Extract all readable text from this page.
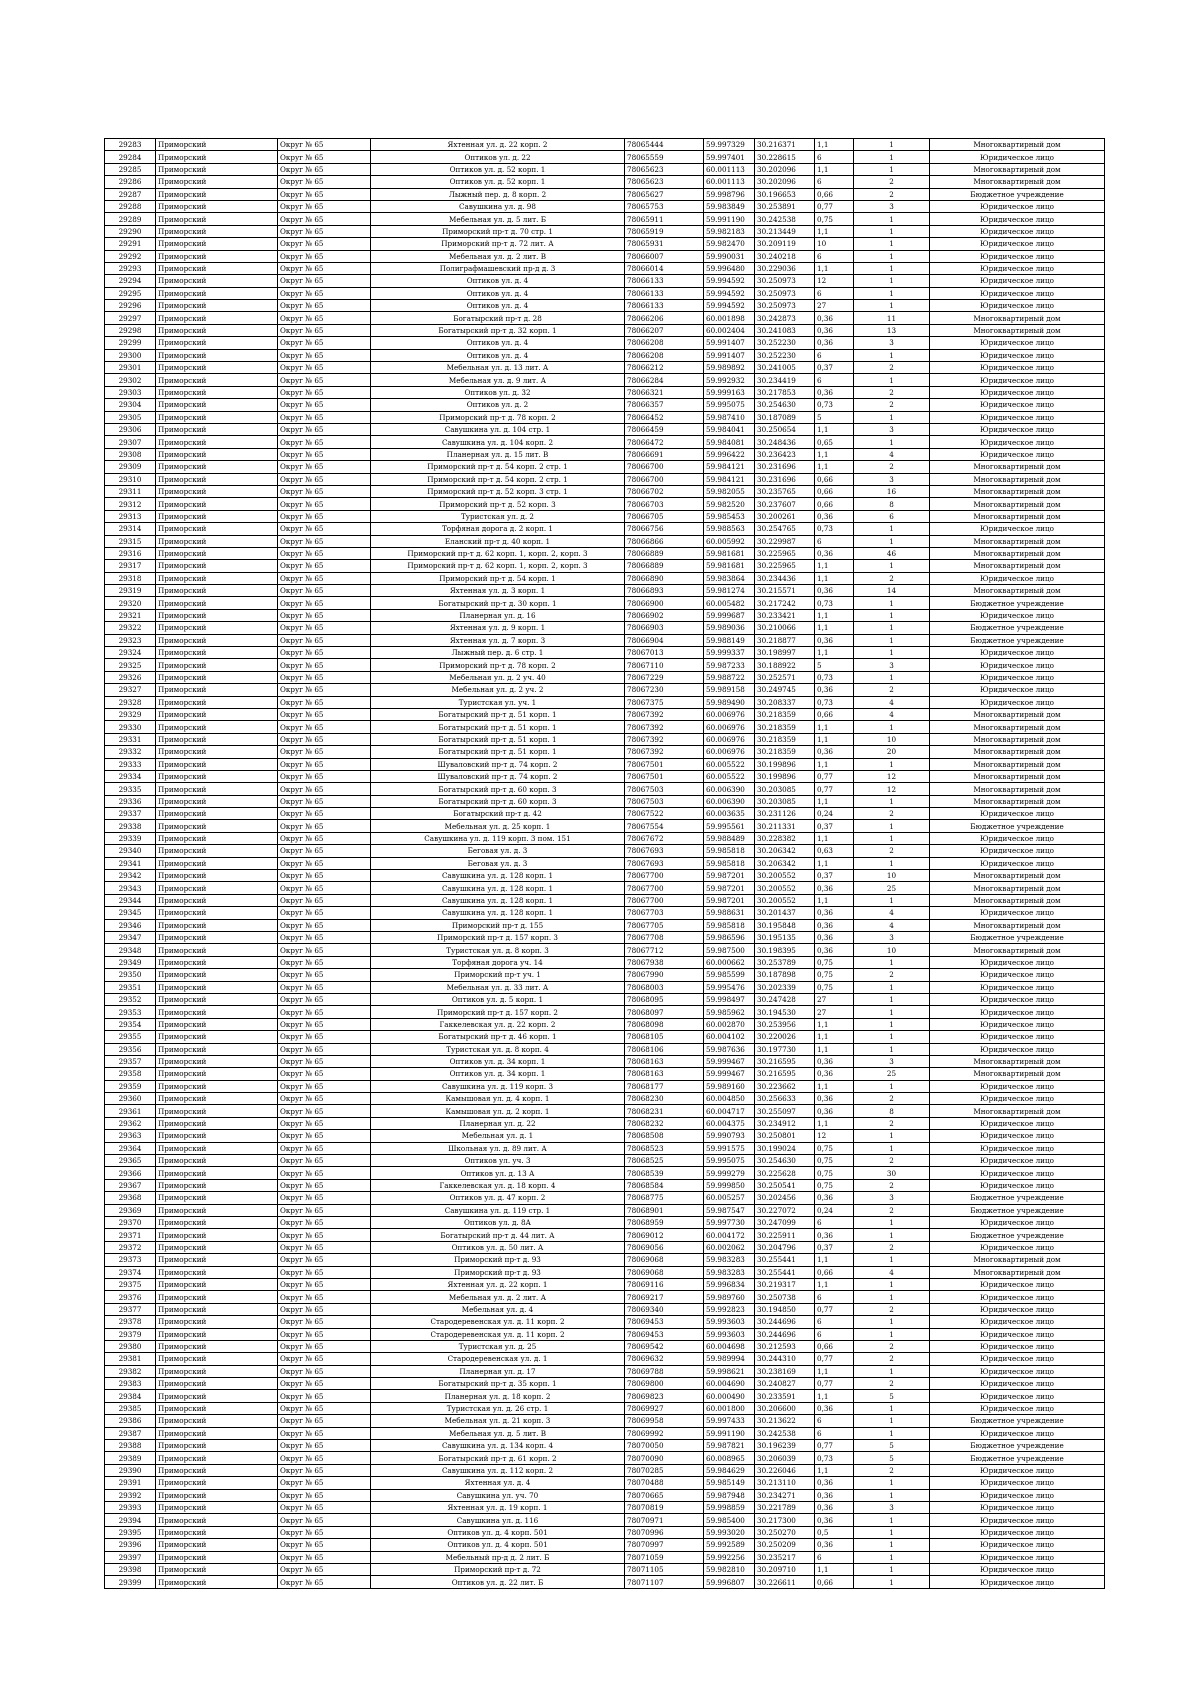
29283	Приморский	Округ № 65	Яхтенная ул. д. 22 корп. 2	78065444	59.997329	30.216371	1,1	1	Многоквартирный дом
29284	Приморский	Округ № 65	Оптиков ул. д. 22	78065559	59.997401	30.228615	6	1	Юридическое лицо
29285	Приморский	Округ № 65	Оптиков ул. д. 52 корп. 1	78065623	60.001113	30.202096	1,1	1	Многоквартирный дом
29286	Приморский	Округ № 65	Оптиков ул. д. 52 корп. 1	78065623	60.001113	30.202096	6	2	Многоквартирный дом
29287	Приморский	Округ № 65	Лыжный пер. д. 8 корп. 2	78065627	59.998796	30.196653	0,66	2	Бюджетное учреждение
29288	Приморский	Округ № 65	Савушкина ул. д. 98	78065753	59.983849	30.253891	0,77	3	Юридическое лицо
29289	Приморский	Округ № 65	Мебельная ул. д. 5 лит. Б	78065911	59.991190	30.242538	0,75	1	Юридическое лицо
29290	Приморский	Округ № 65	Приморский пр-т д. 70 стр. 1	78065919	59.982183	30.213449	1,1	1	Юридическое лицо
29291	Приморский	Округ № 65	Приморский пр-т д. 72 лит. А	78065931	59.982470	30.209119	10	1	Юридическое лицо
29292	Приморский	Округ № 65	Мебельная ул. д. 2 лит. В	78066007	59.990031	30.240218	6	1	Юридическое лицо
29293	Приморский	Округ № 65	Полиграфмашевский пр-д д. 3	78066014	59.996480	30.229036	1,1	1	Юридическое лицо
29294	Приморский	Округ № 65	Оптиков ул. д. 4	78066133	59.994592	30.250973	12	1	Юридическое лицо
29295	Приморский	Округ № 65	Оптиков ул. д. 4	78066133	59.994592	30.250973	6	1	Юридическое лицо
29296	Приморский	Округ № 65	Оптиков ул. д. 4	78066133	59.994592	30.250973	27	1	Юридическое лицо
29297	Приморский	Округ № 65	Богатырский пр-т д. 28	78066206	60.001898	30.242873	0,36	11	Многоквартирный дом
29298	Приморский	Округ № 65	Богатырский пр-т д. 32 корп. 1	78066207	60.002404	30.241083	0,36	13	Многоквартирный дом
29299	Приморский	Округ № 65	Оптиков ул. д. 4	78066208	59.991407	30.252230	0,36	3	Юридическое лицо
29300	Приморский	Округ № 65	Оптиков ул. д. 4	78066208	59.991407	30.252230	6	1	Юридическое лицо
29301	Приморский	Округ № 65	Мебельная ул. д. 13 лит. А	78066212	59.989892	30.241005	0,37	2	Юридическое лицо
29302	Приморский	Округ № 65	Мебельная ул. д. 9 лит. А	78066284	59.992932	30.234419	6	1	Юридическое лицо
29303	Приморский	Округ № 65	Оптиков ул. д. 32	78066321	59.999163	30.217853	0,36	2	Юридическое лицо
29304	Приморский	Округ № 65	Оптиков ул. д. 2	78066357	59.995075	30.254630	0,73	2	Юридическое лицо
29305	Приморский	Округ № 65	Приморский пр-т д. 78 корп. 2	78066452	59.987410	30.187089	5	1	Юридическое лицо
29306	Приморский	Округ № 65	Савушкина ул. д. 104 стр. 1	78066459	59.984041	30.250654	1,1	3	Юридическое лицо
29307	Приморский	Округ № 65	Савушкина ул. д. 104 корп. 2	78066472	59.984081	30.248436	0,65	1	Юридическое лицо
29308	Приморский	Округ № 65	Планерная ул. д. 15 лит. В	78066691	59.996422	30.236423	1,1	4	Юридическое лицо
29309	Приморский	Округ № 65	Приморский пр-т д. 54 корп. 2 стр. 1	78066700	59.984121	30.231696	1,1	2	Многоквартирный дом
29310	Приморский	Округ № 65	Приморский пр-т д. 54 корп. 2 стр. 1	78066700	59.984121	30.231696	0,66	3	Многоквартирный дом
29311	Приморский	Округ № 65	Приморский пр-т д. 52 корп. 3 стр. 1	78066702	59.982055	30.235765	0,66	16	Многоквартирный дом
29312	Приморский	Округ № 65	Приморский пр-т д. 52 корп. 3	78066703	59.982520	30.237607	0,66	8	Многоквартирный дом
29313	Приморский	Округ № 65	Туристская ул. д. 2	78066705	59.985453	30.200261	0,36	6	Многоквартирный дом
29314	Приморский	Округ № 65	Торфяная дорога д. 2 корп. 1	78066756	59.988563	30.254765	0,73	1	Юридическое лицо
29315	Приморский	Округ № 65	Еланский пр-т д. 40 корп. 1	78066866	60.005992	30.229987	6	1	Многоквартирный дом
29316	Приморский	Округ № 65	Приморский пр-т д. 62 корп. 1, корп. 2, корп. 3	78066889	59.981681	30.225965	0,36	46	Многоквартирный дом
29317	Приморский	Округ № 65	Приморский пр-т д. 62 корп. 1, корп. 2, корп. 3	78066889	59.981681	30.225965	1,1	1	Многоквартирный дом
29318	Приморский	Округ № 65	Приморский пр-т д. 54 корп. 1	78066890	59.983864	30.234436	1,1	2	Юридическое лицо
29319	Приморский	Округ № 65	Яхтенная ул. д. 3 корп. 1	78066893	59.981274	30.215571	0,36	14	Многоквартирный дом
29320	Приморский	Округ № 65	Богатырский пр-т д. 30 корп. 1	78066900	60.005482	30.217242	0,73	1	Бюджетное учреждение
29321	Приморский	Округ № 65	Планерная ул. д. 16	78066902	59.999687	30.233421	1,1	1	Юридическое лицо
29322	Приморский	Округ № 65	Яхтенная ул. д. 9 корп. 1	78066903	59.989036	30.210066	1,1	1	Бюджетное учреждение
29323	Приморский	Округ № 65	Яхтенная ул. д. 7 корп. 3	78066904	59.988149	30.218877	0,36	1	Бюджетное учреждение
29324	Приморский	Округ № 65	Лыжный пер. д. 6 стр. 1	78067013	59.999337	30.198997	1,1	1	Юридическое лицо
29325	Приморский	Округ № 65	Приморский пр-т д. 78 корп. 2	78067110	59.987233	30.188922	5	3	Юридическое лицо
29326	Приморский	Округ № 65	Мебельная ул. д. 2 уч. 40	78067229	59.988722	30.252571	0,73	1	Юридическое лицо
29327	Приморский	Округ № 65	Мебельная ул. д. 2 уч. 2	78067230	59.989158	30.249745	0,36	2	Юридическое лицо
29328	Приморский	Округ № 65	Туристская ул. уч. 1	78067375	59.989490	30.208337	0,73	4	Юридическое лицо
29329	Приморский	Округ № 65	Богатырский пр-т д. 51 корп. 1	78067392	60.006976	30.218359	0,66	4	Многоквартирный дом
29330	Приморский	Округ № 65	Богатырский пр-т д. 51 корп. 1	78067392	60.006976	30.218359	1,1	1	Многоквартирный дом
29331	Приморский	Округ № 65	Богатырский пр-т д. 51 корп. 1	78067392	60.006976	30.218359	1,1	10	Многоквартирный дом
29332	Приморский	Округ № 65	Богатырский пр-т д. 51 корп. 1	78067392	60.006976	30.218359	0,36	20	Многоквартирный дом
29333	Приморский	Округ № 65	Шуваловский пр-т д. 74 корп. 2	78067501	60.005522	30.199896	1,1	1	Многоквартирный дом
29334	Приморский	Округ № 65	Шуваловский пр-т д. 74 корп. 2	78067501	60.005522	30.199896	0,77	12	Многоквартирный дом
29335	Приморский	Округ № 65	Богатырский пр-т д. 60 корп. 3	78067503	60.006390	30.203085	0,77	12	Многоквартирный дом
29336	Приморский	Округ № 65	Богатырский пр-т д. 60 корп. 3	78067503	60.006390	30.203085	1,1	1	Многоквартирный дом
29337	Приморский	Округ № 65	Богатырский пр-т д. 42	78067522	60.003635	30.231126	0,24	2	Юридическое лицо
29338	Приморский	Округ № 65	Мебельная ул. д. 25 корп. 1	78067554	59.995561	30.211331	0,37	1	Бюджетное учреждение
29339	Приморский	Округ № 65	Савушкина ул. д. 119 корп. 3 пом. 151	78067672	59.988489	30.228382	1,1	1	Юридическое лицо
29340	Приморский	Округ № 65	Беговая ул. д. 3	78067693	59.985818	30.206342	0,63	2	Юридическое лицо
29341	Приморский	Округ № 65	Беговая ул. д. 3	78067693	59.985818	30.206342	1,1	1	Юридическое лицо
29342	Приморский	Округ № 65	Савушкина ул. д. 128 корп. 1	78067700	59.987201	30.200552	0,37	10	Многоквартирный дом
29343	Приморский	Округ № 65	Савушкина ул. д. 128 корп. 1	78067700	59.987201	30.200552	0,36	25	Многоквартирный дом
29344	Приморский	Округ № 65	Савушкина ул. д. 128 корп. 1	78067700	59.987201	30.200552	1,1	1	Многоквартирный дом
29345	Приморский	Округ № 65	Савушкина ул. д. 128 корп. 1	78067703	59.988631	30.201437	0,36	4	Юридическое лицо
29346	Приморский	Округ № 65	Приморский пр-т д. 155	78067705	59.985818	30.195848	0,36	4	Многоквартирный дом
29347	Приморский	Округ № 65	Приморский пр-т д. 157 корп. 3	78067708	59.986596	30.195135	0,36	3	Бюджетное учреждение
29348	Приморский	Округ № 65	Туристская ул. д. 8 корп. 3	78067712	59.987500	30.198395	0,36	10	Многоквартирный дом
29349	Приморский	Округ № 65	Торфяная дорога уч. 14	78067938	60.000662	30.253789	0,75	1	Юридическое лицо
29350	Приморский	Округ № 65	Приморский пр-т уч. 1	78067990	59.985599	30.187898	0,75	2	Юридическое лицо
29351	Приморский	Округ № 65	Мебельная ул. д. 33 лит. А	78068003	59.995476	30.202339	0,75	1	Юридическое лицо
29352	Приморский	Округ № 65	Оптиков ул. д. 5 корп. 1	78068095	59.998497	30.247428	27	1	Юридическое лицо
29353	Приморский	Округ № 65	Приморский пр-т д. 157 корп. 2	78068097	59.985962	30.194530	27	1	Юридическое лицо
29354	Приморский	Округ № 65	Гаккелевская ул. д. 22 корп. 2	78068098	60.002870	30.253956	1,1	1	Юридическое лицо
29355	Приморский	Округ № 65	Богатырский пр-т д. 46 корп. 1	78068105	60.004102	30.220026	1,1	1	Юридическое лицо
29356	Приморский	Округ № 65	Туристская ул. д. 8 корп. 4	78068106	59.987636	30.197730	1,1	1	Юридическое лицо
29357	Приморский	Округ № 65	Оптиков ул. д. 34 корп. 1	78068163	59.999467	30.216595	0,36	3	Многоквартирный дом
29358	Приморский	Округ № 65	Оптиков ул. д. 34 корп. 1	78068163	59.999467	30.216595	0,36	25	Многоквартирный дом
29359	Приморский	Округ № 65	Савушкина ул. д. 119 корп. 3	78068177	59.989160	30.223662	1,1	1	Юридическое лицо
29360	Приморский	Округ № 65	Камышовая ул. д. 4 корп. 1	78068230	60.004850	30.256633	0,36	2	Юридическое лицо
29361	Приморский	Округ № 65	Камышовая ул. д. 2 корп. 1	78068231	60.004717	30.255097	0,36	8	Многоквартирный дом
29362	Приморский	Округ № 65	Планерная ул. д. 22	78068232	60.004375	30.234912	1,1	2	Юридическое лицо
29363	Приморский	Округ № 65	Мебельная ул. д. 1	78068508	59.990793	30.250801	12	1	Юридическое лицо
29364	Приморский	Округ № 65	Школьная ул. д. 89 лит. А	78068523	59.991575	30.199024	0,75	1	Юридическое лицо
29365	Приморский	Округ № 65	Оптиков ул. уч. 3	78068525	59.995075	30.254630	0,75	2	Юридическое лицо
29366	Приморский	Округ № 65	Оптиков ул. д. 13 А	78068539	59.999279	30.225628	0,75	30	Юридическое лицо
29367	Приморский	Округ № 65	Гаккелевская ул. д. 18 корп. 4	78068584	59.999850	30.250541	0,75	2	Юридическое лицо
29368	Приморский	Округ № 65	Оптиков ул. д. 47 корп. 2	78068775	60.005257	30.202456	0,36	3	Бюджетное учреждение
29369	Приморский	Округ № 65	Савушкина ул. д. 119 стр. 1	78068901	59.987547	30.227072	0,24	2	Бюджетное учреждение
29370	Приморский	Округ № 65	Оптиков ул. д. 8А	78068959	59.997730	30.247099	6	1	Юридическое лицо
29371	Приморский	Округ № 65	Богатырский пр-т д. 44 лит. А	78069012	60.004172	30.225911	0,36	1	Бюджетное учреждение
29372	Приморский	Округ № 65	Оптиков ул. д. 50 лит. А	78069056	60.002062	30.204796	0,37	2	Юридическое лицо
29373	Приморский	Округ № 65	Приморский пр-т д. 93	78069068	59.983283	30.255441	1,1	1	Многоквартирный дом
29374	Приморский	Округ № 65	Приморский пр-т д. 93	78069068	59.983283	30.255441	0,66	4	Многоквартирный дом
29375	Приморский	Округ № 65	Яхтенная ул. д. 22 корп. 1	78069116	59.996834	30.219317	1,1	1	Юридическое лицо
29376	Приморский	Округ № 65	Мебельная ул. д. 2 лит. А	78069217	59.989760	30.250738	6	1	Юридическое лицо
29377	Приморский	Округ № 65	Мебельная ул. д. 4	78069340	59.992823	30.194850	0,77	2	Юридическое лицо
29378	Приморский	Округ № 65	Стародеревенская ул. д. 11 корп. 2	78069453	59.993603	30.244696	6	1	Юридическое лицо
29379	Приморский	Округ № 65	Стародеревенская ул. д. 11 корп. 2	78069453	59.993603	30.244696	6	1	Юридическое лицо
29380	Приморский	Округ № 65	Туристская ул. д. 25	78069542	60.004698	30.212593	0,66	2	Юридическое лицо
29381	Приморский	Округ № 65	Стародеревенская ул. д. 1	78069632	59.989994	30.244310	0,77	2	Юридическое лицо
29382	Приморский	Округ № 65	Планерная ул. д. 17	78069788	59.998621	30.238169	1,1	1	Юридическое лицо
29383	Приморский	Округ № 65	Богатырский пр-т д. 35 корп. 1	78069800	60.004690	30.240827	0,77	2	Юридическое лицо
29384	Приморский	Округ № 65	Планерная ул. д. 18 корп. 2	78069823	60.000490	30.233591	1,1	5	Юридическое лицо
29385	Приморский	Округ № 65	Туристская ул. д. 26 стр. 1	78069927	60.001800	30.206600	0,36	1	Юридическое лицо
29386	Приморский	Округ № 65	Мебельная ул. д. 21 корп. 3	78069958	59.997433	30.213622	6	1	Бюджетное учреждение
29387	Приморский	Округ № 65	Мебельная ул. д. 5 лит. В	78069992	59.991190	30.242538	6	1	Юридическое лицо
29388	Приморский	Округ № 65	Савушкина ул. д. 134 корп. 4	78070050	59.987821	30.196239	0,77	5	Бюджетное учреждение
29389	Приморский	Округ № 65	Богатырский пр-т д. 61 корп. 2	78070090	60.008965	30.206039	0,73	5	Бюджетное учреждение
29390	Приморский	Округ № 65	Савушкина ул. д. 112 корп. 2	78070285	59.984629	30.226046	1,1	2	Юридическое лицо
29391	Приморский	Округ № 65	Яхтенная ул. д. 4	78070488	59.985149	30.213110	0,36	1	Юридическое лицо
29392	Приморский	Округ № 65	Савушкина ул. уч. 70	78070665	59.987948	30.234271	0,36	1	Юридическое лицо
29393	Приморский	Округ № 65	Яхтенная ул. д. 19 корп. 1	78070819	59.998859	30.221789	0,36	3	Юридическое лицо
29394	Приморский	Округ № 65	Савушкина ул. д. 116	78070971	59.985400	30.217300	0,36	1	Юридическое лицо
29395	Приморский	Округ № 65	Оптиков ул. д. 4 корп. 501	78070996	59.993020	30.250270	0,5	1	Юридическое лицо
29396	Приморский	Округ № 65	Оптиков ул. д. 4 корп. 501	78070997	59.992589	30.250209	0,36	1	Юридическое лицо
29397	Приморский	Округ № 65	Мебельный пр-д д. 2 лит. Б	78071059	59.992256	30.235217	6	1	Юридическое лицо
29398	Приморский	Округ № 65	Приморский пр-т д. 72	78071105	59.982810	30.209710	1,1	1	Юридическое лицо
29399	Приморский	Округ № 65	Оптиков ул. д. 22 лит. Б	78071107	59.996807	30.226611	0,66	1	Юридическое лицо
